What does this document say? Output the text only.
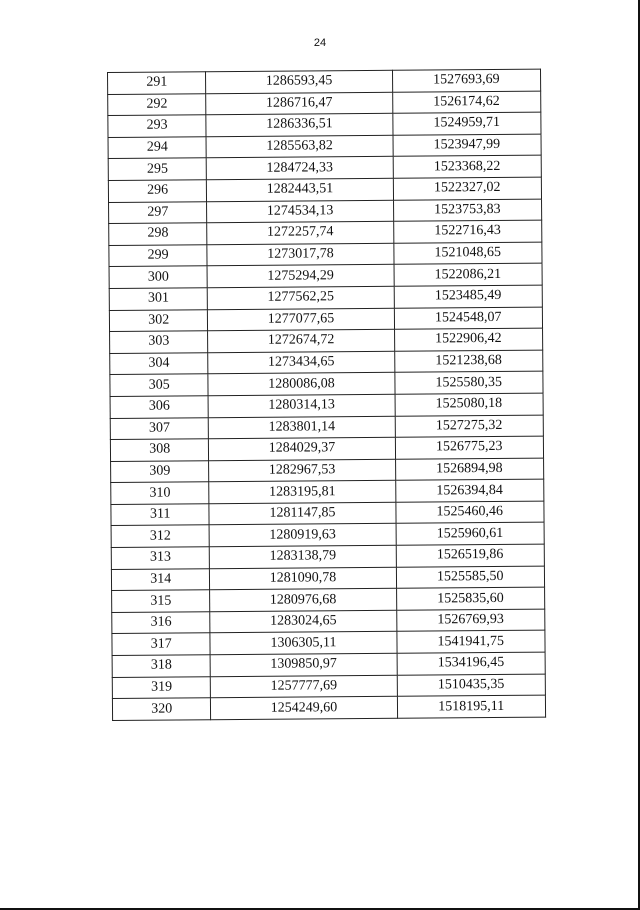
24
291	1286593,45	1527693,69
292	1286716,47	1526174,62
293	1286336,51	1524959,71
294	1285563,82	1523947,99
295	1284724,33	1523368,22
296	1282443,51	1522327,02
297	1274534,13	1523753,83
298	1272257,74	1522716,43
299	1273017,78	1521048,65
300	1275294,29	1522086,21
301	1277562,25	1523485,49
302	1277077,65	1524548,07
303	1272674,72	1522906,42
304	1273434,65	1521238,68
305	1280086,08	1525580,35
306	1280314,13	1525080,18
307	1283801,14	1527275,32
308	1284029,37	1526775,23
309	1282967,53	1526894,98
310	1283195,81	1526394,84
311	1281147,85	1525460,46
312	1280919,63	1525960,61
313	1283138,79	1526519,86
314	1281090,78	1525585,50
315	1280976,68	1525835,60
316	1283024,65	1526769,93
317	1306305,11	1541941,75
318	1309850,97	1534196,45
319	1257777,69	1510435,35
320	1254249,60	1518195,11
